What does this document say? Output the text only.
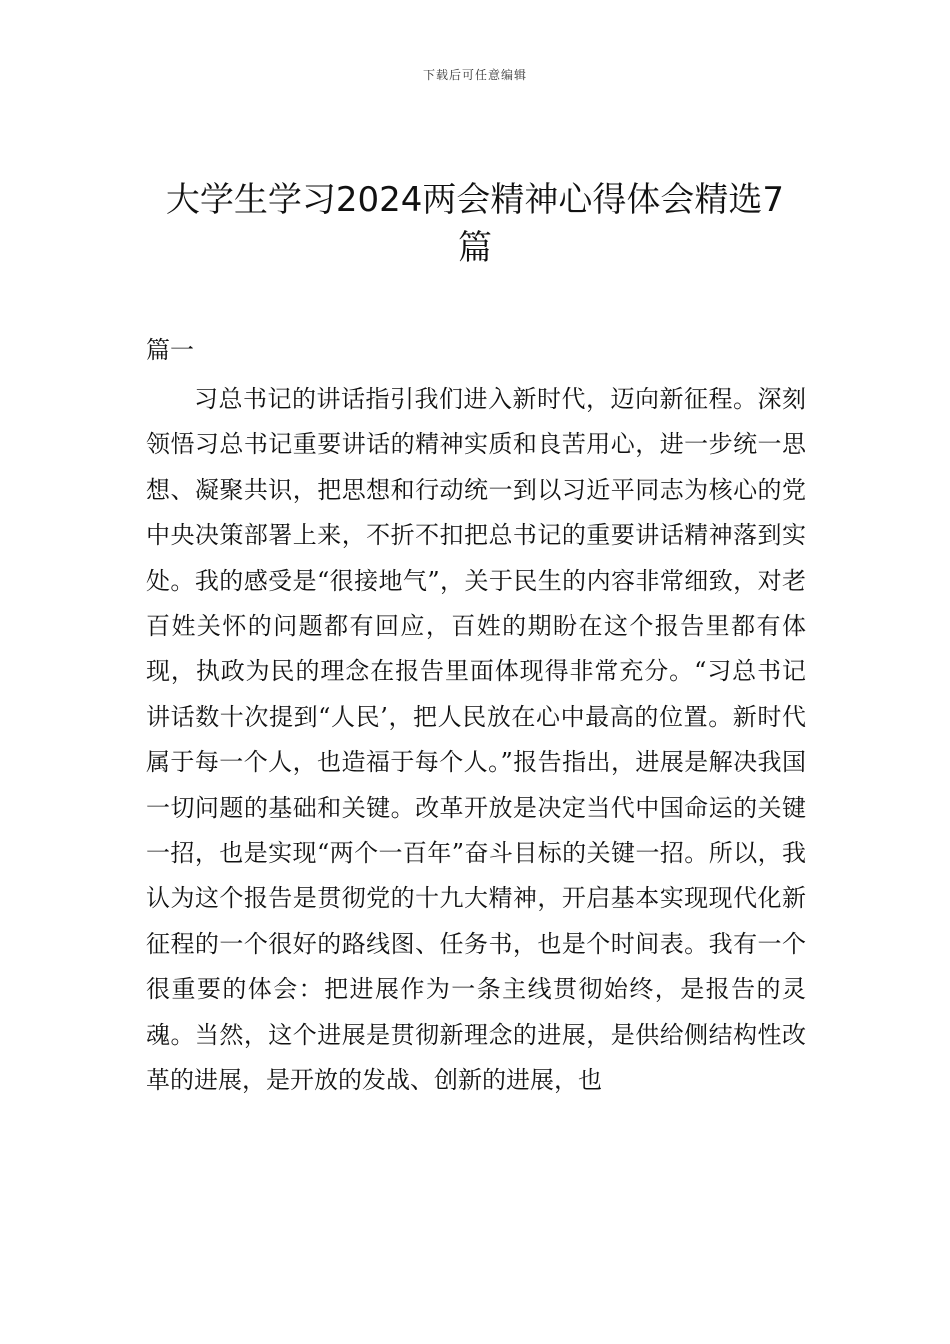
下载后可任意编辑
大学生学习2024两会精神心得体会精选7篇

篇一

习总书记的讲话指引我们进入新时代，迈向新征程。深刻领悟习总书记重要讲话的精神实质和良苦用心，进一步统一思想、凝聚共识，把思想和行动统一到以习近平同志为核心的党中央决策部署上来，不折不扣把总书记的重要讲话精神落到实处。我的感受是“很接地气”，关于民生的内容非常细致，对老百姓关怀的问题都有回应，百姓的期盼在这个报告里都有体现，执政为民的理念在报告里面体现得非常充分。“习总书记讲话数十次提到“人民’，把人民放在心中最高的位置。新时代属于每一个人，也造福于每个人。”报告指出，进展是解决我国一切问题的基础和关键。改革开放是决定当代中国命运的关键一招，也是实现“两个一百年”奋斗目标的关键一招。所以，我认为这个报告是贯彻党的十九大精神，开启基本实现现代化新征程的一个很好的路线图、任务书，也是个时间表。我有一个很重要的体会：把进展作为一条主线贯彻始终，是报告的灵魂。当然，这个进展是贯彻新理念的进展，是供给侧结构性改革的进展，是开放的发战、创新的进展，也
